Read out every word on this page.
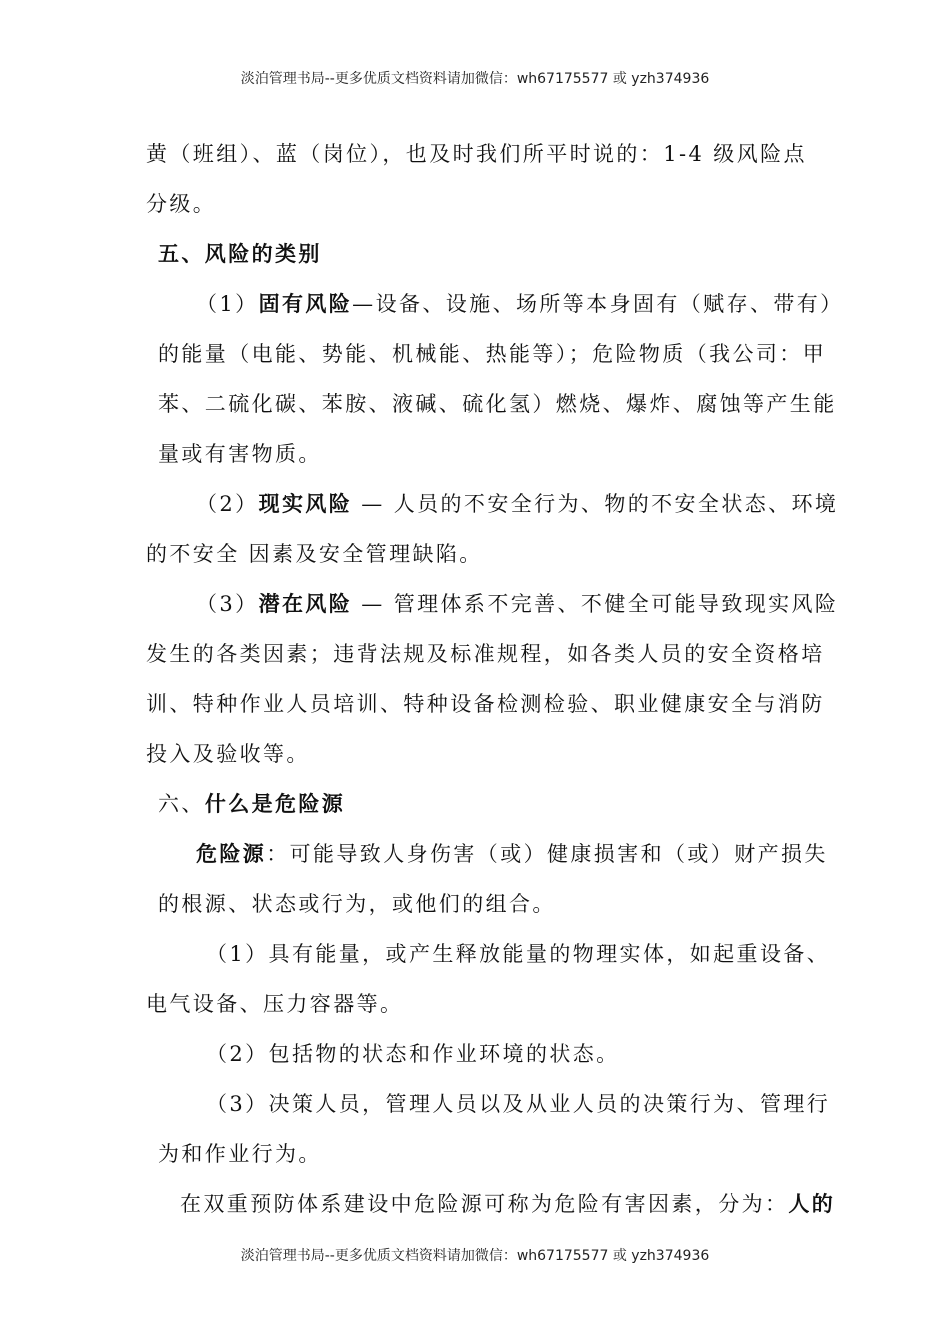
淡泊管理书局--更多优质文档资料请加微信：wh67175577 或 yzh374936
黄（班组）、蓝（岗位），也及时我们所平时说的：1-4 级风险点
分级。
五、风险的类别
（1）固有风险—设备、设施、场所等本身固有（赋存、带有）
的能量（电能、势能、机械能、热能等）；危险物质（我公司：甲
苯、二硫化碳、苯胺、液碱、硫化氢）燃烧、爆炸、腐蚀等产生能
量或有害物质。
（2）现实风险 — 人员的不安全行为、物的不安全状态、环境
的不安全 因素及安全管理缺陷。
（3）潜在风险 — 管理体系不完善、不健全可能导致现实风险
发生的各类因素；违背法规及标准规程，如各类人员的安全资格培
训、特种作业人员培训、特种设备检测检验、职业健康安全与消防
投入及验收等。
六、什么是危险源
危险源：可能导致人身伤害（或）健康损害和（或）财产损失
的根源、状态或行为，或他们的组合。
（1）具有能量，或产生释放能量的物理实体，如起重设备、
电气设备、压力容器等。
（2）包括物的状态和作业环境的状态。
（3）决策人员，管理人员以及从业人员的决策行为、管理行
为和作业行为。
在双重预防体系建设中危险源可称为危险有害因素，分为：人的
淡泊管理书局--更多优质文档资料请加微信：wh67175577 或 yzh374936
